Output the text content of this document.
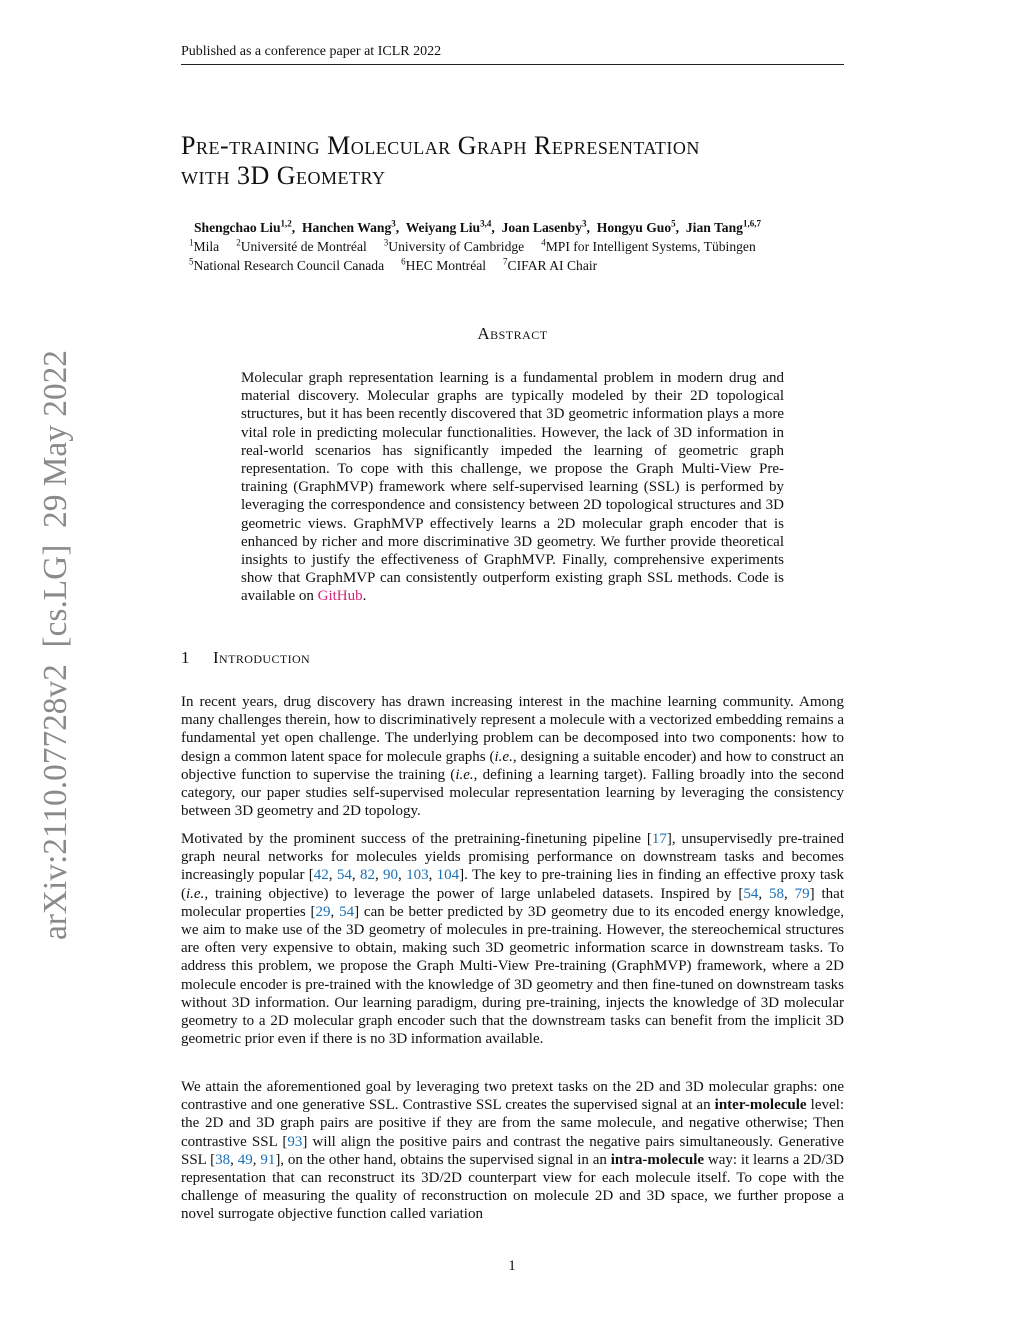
Published as a conference paper at ICLR 2022
arXiv:2110.07728v2  [cs.LG]  29 May 2022
Pre-training Molecular Graph Representation
with 3D Geometry
Shengchao Liu$^{1,2}$,  Hanchen Wang$^3$,  Weiyang Liu$^{3,4}$,  Joan Lasenby$^3$,  Hongyu Guo$^5$,  Jian Tang$^{1,6,7}$
$^1$Mila $^2$Université de Montréal $^3$University of Cambridge $^4$MPI for Intelligent Systems, Tübingen
$^5$National Research Council Canada $^6$HEC Montréal $^7$CIFAR AI Chair
Abstract

Molecular graph representation learning is a fundamental problem in modern drug and material discovery. Molecular graphs are typically modeled by their 2D topological structures, but it has been recently discovered that 3D geometric information plays a more vital role in predicting molecular functionalities. However, the lack of 3D information in real-world scenarios has significantly impeded the learning of geometric graph representation. To cope with this challenge, we propose the Graph Multi-View Pre-training (GraphMVP) framework where self-supervised learning (SSL) is performed by leveraging the correspondence and consistency between 2D topological structures and 3D geometric views. GraphMVP effectively learns a 2D molecular graph encoder that is enhanced by richer and more discriminative 3D geometry. We further provide theoretical insights to justify the effectiveness of GraphMVP. Finally, comprehensive experiments show that GraphMVP can consistently outperform existing graph SSL methods. Code is available on GitHub.

1 Introduction

In recent years, drug discovery has drawn increasing interest in the machine learning community. Among many challenges therein, how to discriminatively represent a molecule with a vectorized embedding remains a fundamental yet open challenge. The underlying problem can be decomposed into two components: how to design a common latent space for molecule graphs (i.e., designing a suitable encoder) and how to construct an objective function to supervise the training (i.e., defining a learning target). Falling broadly into the second category, our paper studies self-supervised molecular representation learning by leveraging the consistency between 3D geometry and 2D topology.

Motivated by the prominent success of the pretraining-finetuning pipeline [17], unsupervisedly pre-trained graph neural networks for molecules yields promising performance on downstream tasks and becomes increasingly popular [42, 54, 82, 90, 103, 104]. The key to pre-training lies in finding an effective proxy task (i.e., training objective) to leverage the power of large unlabeled datasets. Inspired by [54, 58, 79] that molecular properties [29, 54] can be better predicted by 3D geometry due to its encoded energy knowledge, we aim to make use of the 3D geometry of molecules in pre-training. However, the stereochemical structures are often very expensive to obtain, making such 3D geometric information scarce in downstream tasks. To address this problem, we propose the Graph Multi-View Pre-training (GraphMVP) framework, where a 2D molecule encoder is pre-trained with the knowledge of 3D geometry and then fine-tuned on downstream tasks without 3D information. Our learning paradigm, during pre-training, injects the knowledge of 3D molecular geometry to a 2D molecular graph encoder such that the downstream tasks can benefit from the implicit 3D geometric prior even if there is no 3D information available.

We attain the aforementioned goal by leveraging two pretext tasks on the 2D and 3D molecular graphs: one contrastive and one generative SSL. Contrastive SSL creates the supervised signal at an inter-molecule level: the 2D and 3D graph pairs are positive if they are from the same molecule, and negative otherwise; Then contrastive SSL [93] will align the positive pairs and contrast the negative pairs simultaneously. Generative SSL [38, 49, 91], on the other hand, obtains the supervised signal in an intra-molecule way: it learns a 2D/3D representation that can reconstruct its 3D/2D counterpart view for each molecule itself. To cope with the challenge of measuring the quality of reconstruction on molecule 2D and 3D space, we further propose a novel surrogate objective function called variation

1
